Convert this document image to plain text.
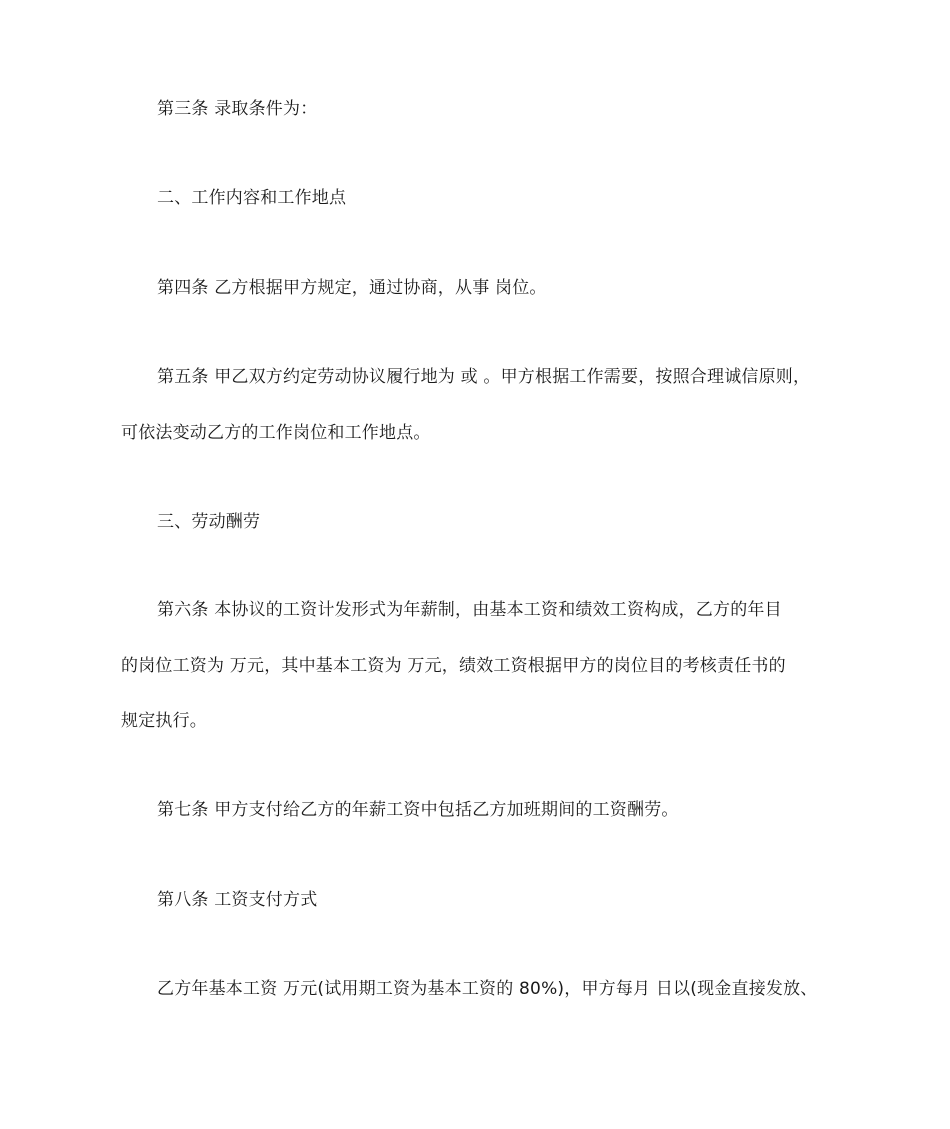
第三条 录取条件为：
二、工作内容和工作地点
第四条 乙方根据甲方规定，通过协商，从事 岗位。
第五条 甲乙双方约定劳动协议履行地为 或 。甲方根据工作需要，按照合理诚信原则，
可依法变动乙方的工作岗位和工作地点。
三、劳动酬劳
第六条 本协议的工资计发形式为年薪制，由基本工资和绩效工资构成，乙方的年目
的岗位工资为 万元，其中基本工资为 万元，绩效工资根据甲方的岗位目的考核责任书的
规定执行。
第七条 甲方支付给乙方的年薪工资中包括乙方加班期间的工资酬劳。
第八条 工资支付方式
乙方年基本工资 万元(试用期工资为基本工资的 80%)，甲方每月 日以(现金直接发放、
